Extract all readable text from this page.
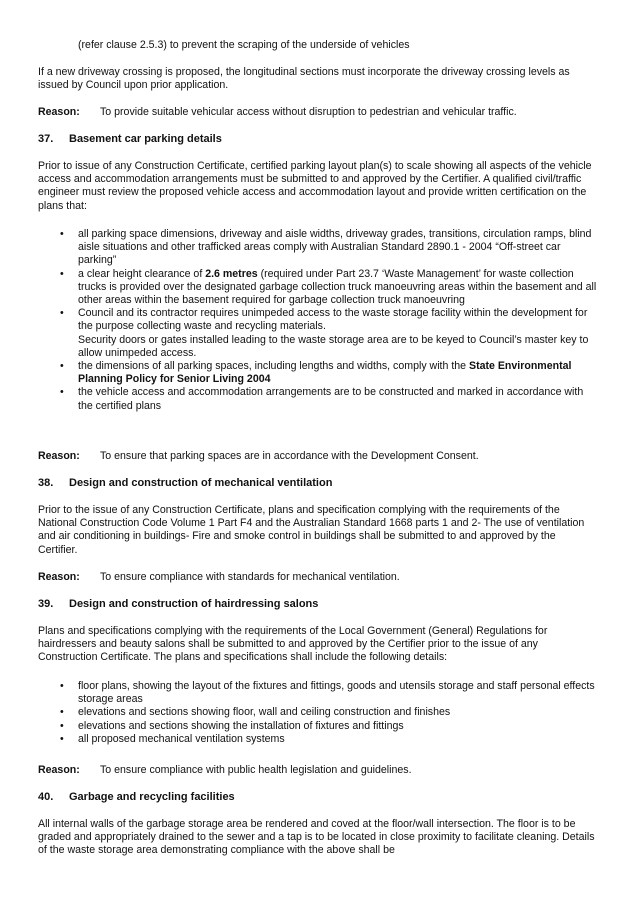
(refer clause 2.5.3) to prevent the scraping of the underside of vehicles

If a new driveway crossing is proposed, the longitudinal sections must incorporate the driveway crossing levels as issued by Council upon prior application.

Reason: To provide suitable vehicular access without disruption to pedestrian and vehicular traffic.

37. Basement car parking details

Prior to issue of any Construction Certificate, certified parking layout plan(s) to scale showing all aspects of the vehicle access and accommodation arrangements must be submitted to and approved by the Certifier. A qualified civil/traffic engineer must review the proposed vehicle access and accommodation layout and provide written certification on the plans that:

• all parking space dimensions, driveway and aisle widths, driveway grades, transitions, circulation ramps, blind aisle situations and other trafficked areas comply with Australian Standard 2890.1 - 2004 “Off-street car parking”
• a clear height clearance of 2.6 metres (required under Part 23.7 ‘Waste Management’ for waste collection trucks is provided over the designated garbage collection truck manoeuvring areas within the basement and all other areas within the basement required for garbage collection truck manoeuvring
• Council and its contractor requires unimpeded access to the waste storage facility within the development for the purpose collecting waste and recycling materials.
Security doors or gates installed leading to the waste storage area are to be keyed to Council’s master key to allow unimpeded access.
• the dimensions of all parking spaces, including lengths and widths, comply with the State Environmental Planning Policy for Senior Living 2004
• the vehicle access and accommodation arrangements are to be constructed and marked in accordance with the certified plans

Reason: To ensure that parking spaces are in accordance with the Development Consent.

38. Design and construction of mechanical ventilation

Prior to the issue of any Construction Certificate, plans and specification complying with the requirements of the National Construction Code Volume 1 Part F4 and the Australian Standard 1668 parts 1 and 2- The use of ventilation and air conditioning in buildings- Fire and smoke control in buildings shall be submitted to and approved by the Certifier.

Reason: To ensure compliance with standards for mechanical ventilation.

39. Design and construction of hairdressing salons

Plans and specifications complying with the requirements of the Local Government (General) Regulations for hairdressers and beauty salons shall be submitted to and approved by the Certifier prior to the issue of any Construction Certificate. The plans and specifications shall include the following details:

• floor plans, showing the layout of the fixtures and fittings, goods and utensils storage and staff personal effects storage areas
• elevations and sections showing floor, wall and ceiling construction and finishes
• elevations and sections showing the installation of fixtures and fittings
• all proposed mechanical ventilation systems

Reason: To ensure compliance with public health legislation and guidelines.

40. Garbage and recycling facilities

All internal walls of the garbage storage area be rendered and coved at the floor/wall intersection. The floor is to be graded and appropriately drained to the sewer and a tap is to be located in close proximity to facilitate cleaning. Details of the waste storage area demonstrating compliance with the above shall be
